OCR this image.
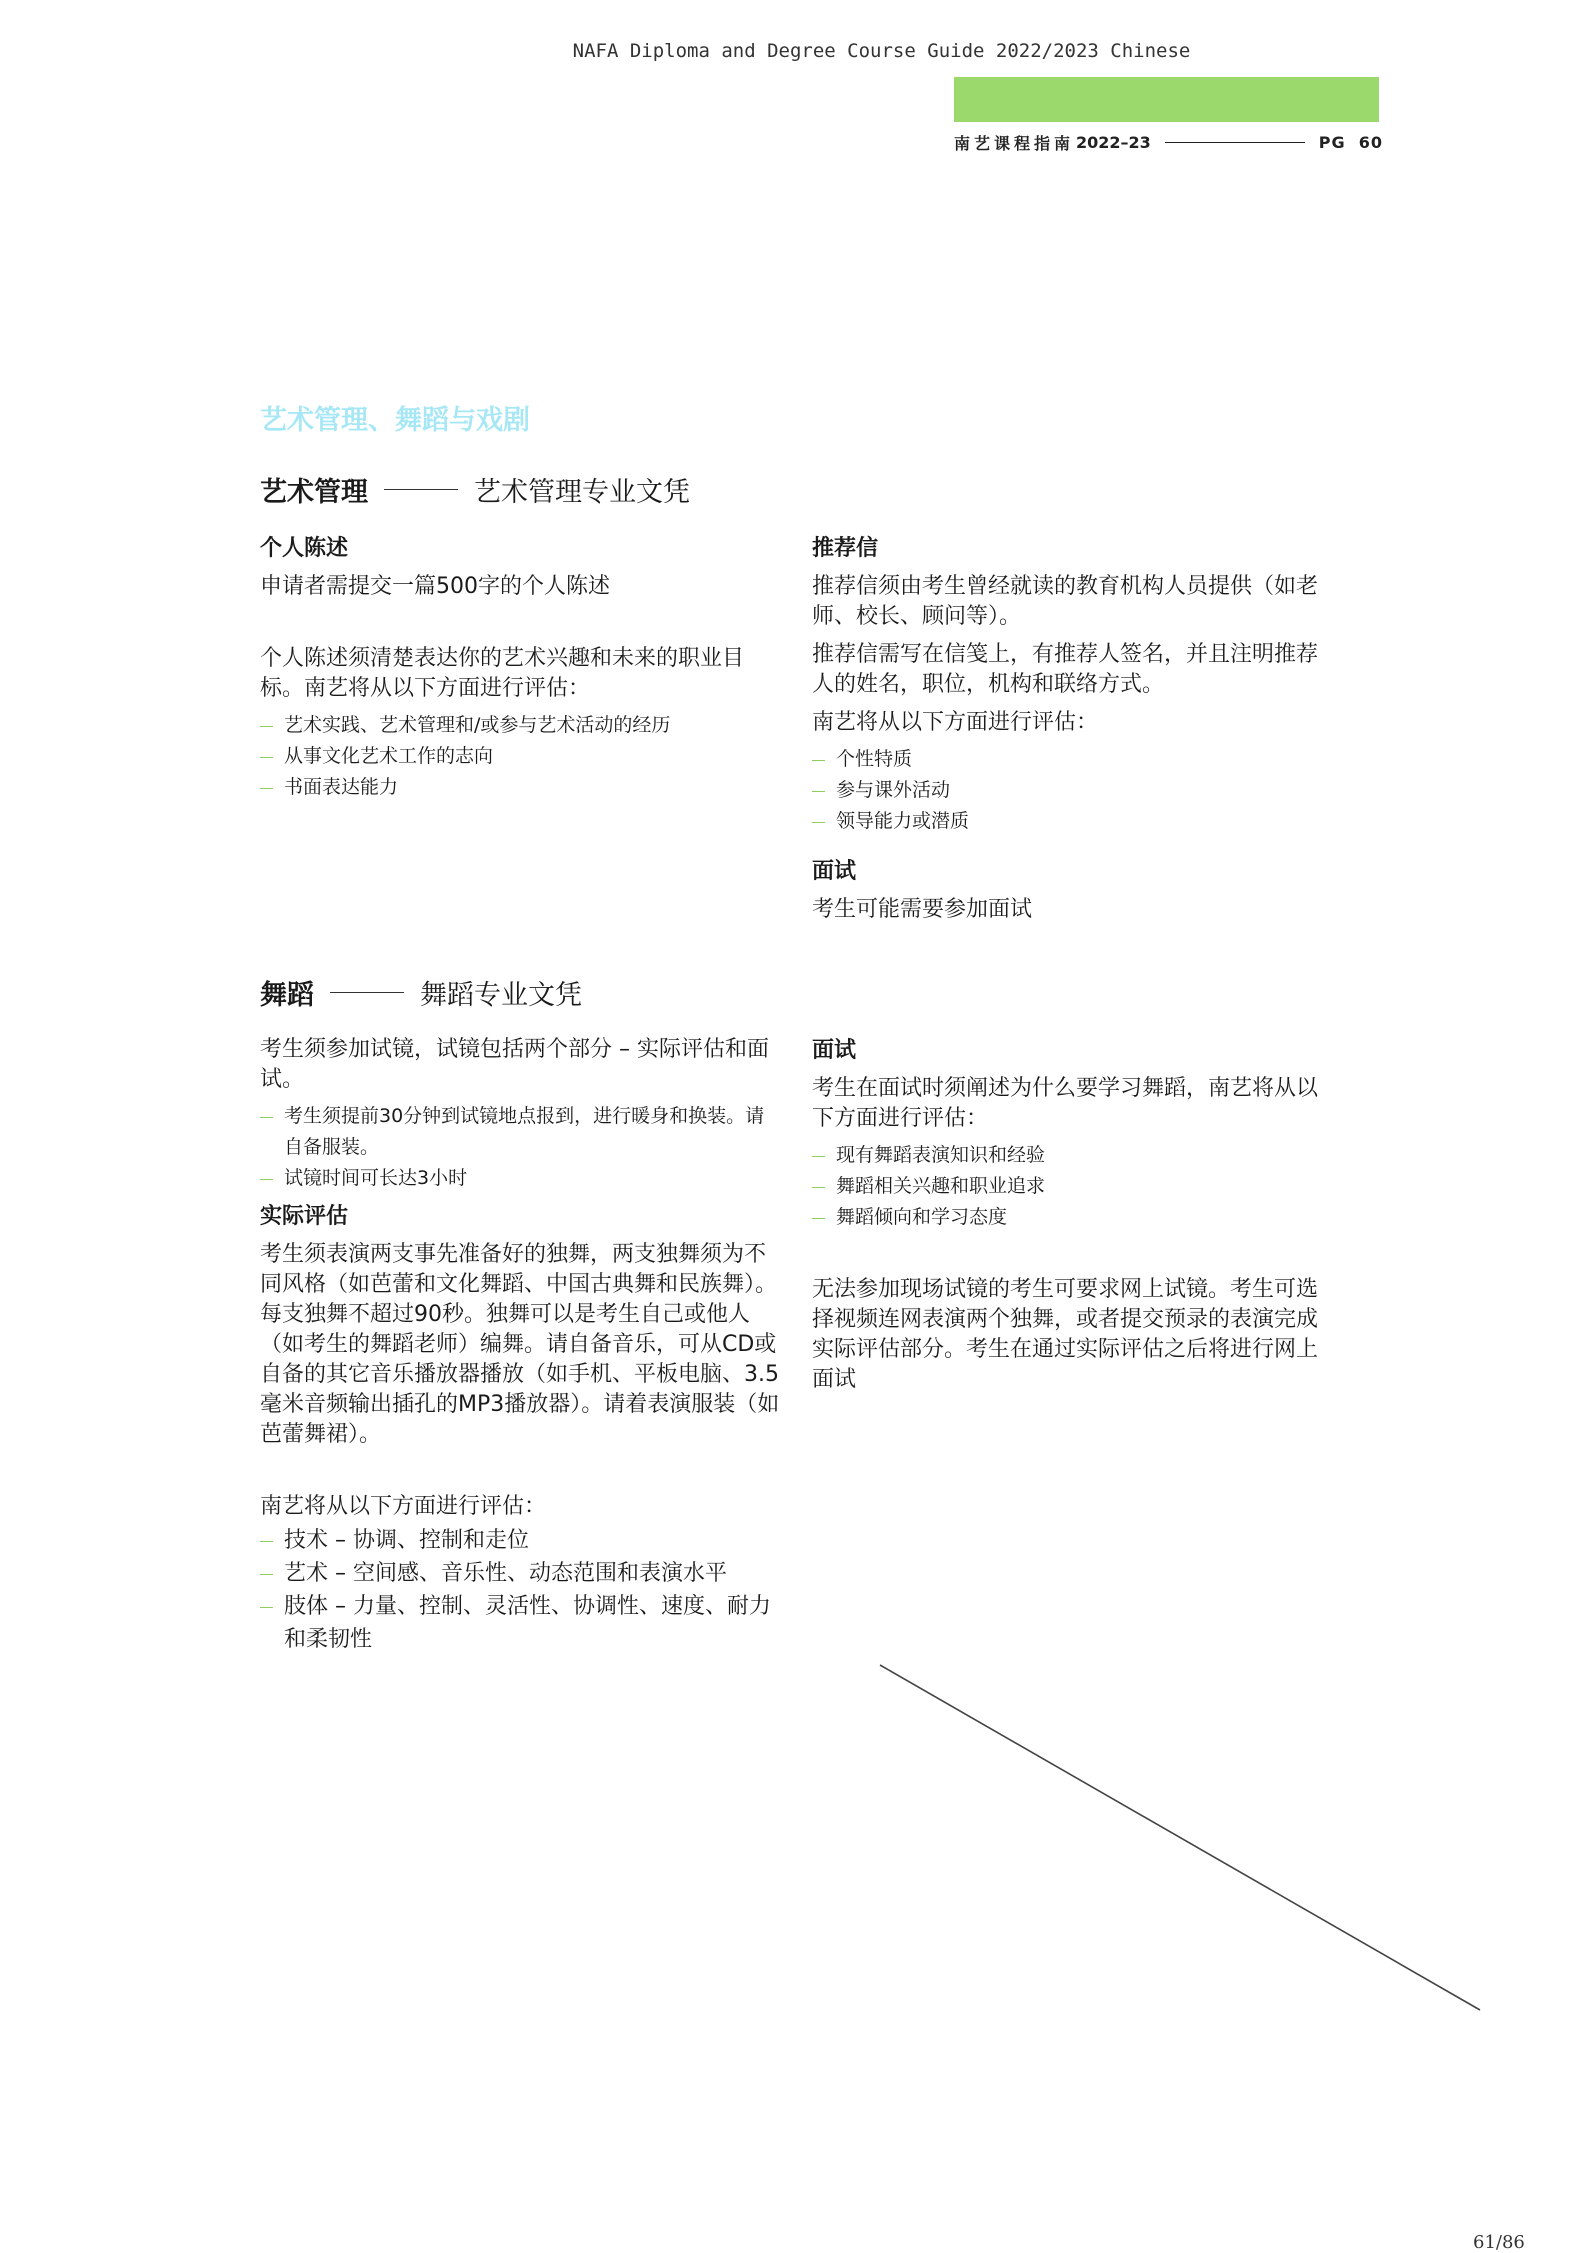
NAFA Diploma and Degree Course Guide 2022/2023 Chinese
南艺课程指南 2022–23	PG 60
艺术管理、舞蹈与戏剧
艺术管理	艺术管理专业文凭
个人陈述

申请者需提交一篇500字的个人陈述

个人陈述须清楚表达你的艺术兴趣和未来的职业目标。南艺将从以下方面进行评估：

艺术实践、艺术管理和/或参与艺术活动的经历
从事文化艺术工作的志向
书面表达能力
推荐信

推荐信须由考生曾经就读的教育机构人员提供（如老师、校长、顾问等）。

推荐信需写在信笺上，有推荐人签名，并且注明推荐人的姓名，职位，机构和联络方式。

南艺将从以下方面进行评估：

个性特质
参与课外活动
领导能力或潜质
面试

考生可能需要参加面试

舞蹈	舞蹈专业文凭

考生须参加试镜，试镜包括两个部分 – 实际评估和面试。

考生须提前30分钟到试镜地点报到，进行暖身和换装。请自备服装。
试镜时间可长达3小时
实际评估

考生须表演两支事先准备好的独舞，两支独舞须为不同风格（如芭蕾和文化舞蹈、中国古典舞和民族舞）。每支独舞不超过90秒。独舞可以是考生自己或他人（如考生的舞蹈老师）编舞。请自备音乐，可从CD或自备的其它音乐播放器播放（如手机、平板电脑、3.5毫米音频输出插孔的MP3播放器）。请着表演服装（如芭蕾舞裙）。

南艺将从以下方面进行评估：

技术 – 协调、控制和走位
艺术 – 空间感、音乐性、动态范围和表演水平
肢体 – 力量、控制、灵活性、协调性、速度、耐力和柔韧性
面试

考生在面试时须阐述为什么要学习舞蹈，南艺将从以下方面进行评估：

现有舞蹈表演知识和经验
舞蹈相关兴趣和职业追求
舞蹈倾向和学习态度

无法参加现场试镜的考生可要求网上试镜。考生可选择视频连网表演两个独舞，或者提交预录的表演完成实际评估部分。考生在通过实际评估之后将进行网上面试

61/86
